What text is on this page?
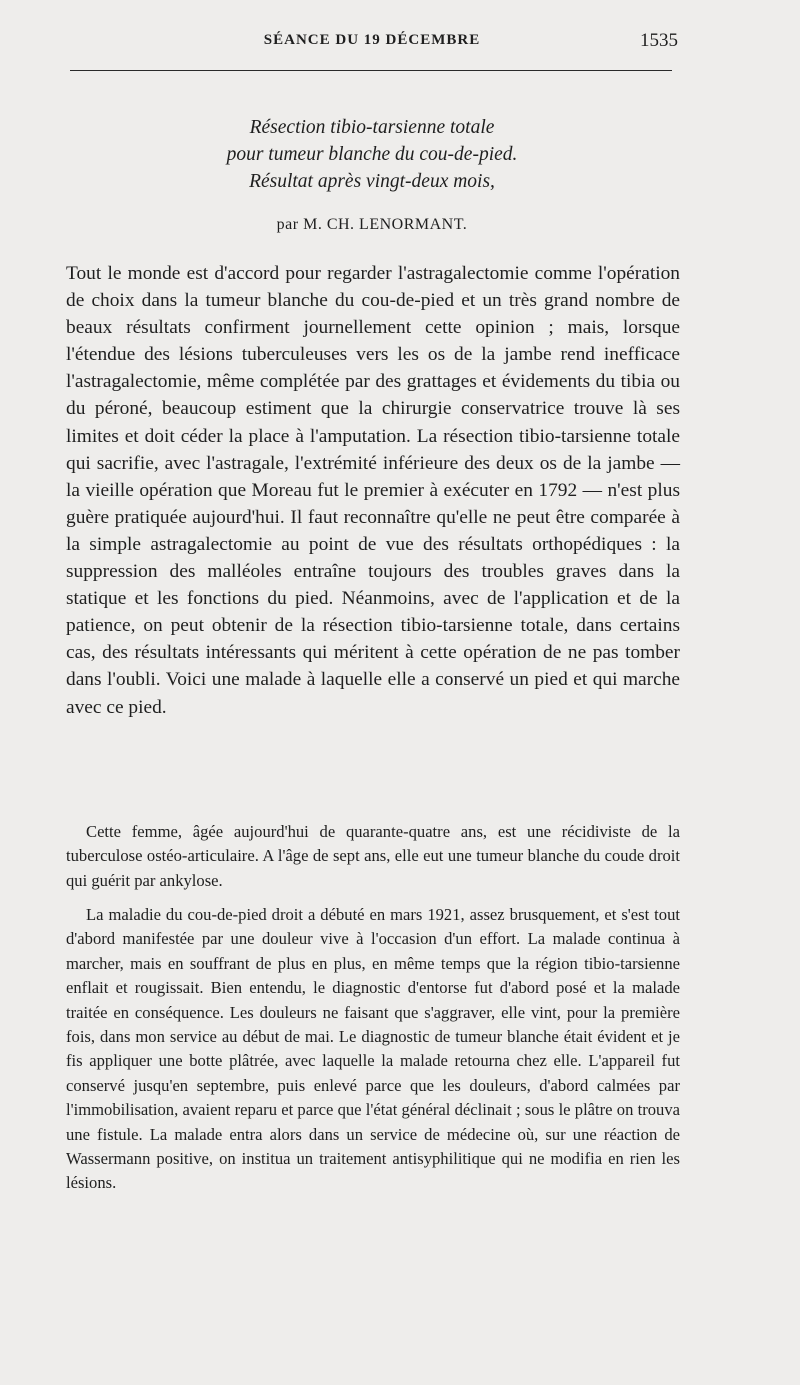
SÉANCE DU 19 DÉCEMBRE	1535
Résection tibio-tarsienne totale
pour tumeur blanche du cou-de-pied.
Résultat après vingt-deux mois,
par M. CH. LENORMANT.

Tout le monde est d'accord pour regarder l'astragalectomie comme l'opération de choix dans la tumeur blanche du cou-de-pied et un très grand nombre de beaux résultats confirment journellement cette opinion ; mais, lorsque l'étendue des lésions tuberculeuses vers les os de la jambe rend inefficace l'astragalectomie, même complétée par des grattages et évidements du tibia ou du péroné, beaucoup estiment que la chirurgie conservatrice trouve là ses limites et doit céder la place à l'amputation. La résection tibio-tarsienne totale qui sacrifie, avec l'astragale, l'extrémité inférieure des deux os de la jambe — la vieille opération que Moreau fut le premier à exécuter en 1792 — n'est plus guère pratiquée aujourd'hui. Il faut reconnaître qu'elle ne peut être comparée à la simple astragalectomie au point de vue des résultats orthopédiques : la suppression des malléoles entraîne toujours des troubles graves dans la statique et les fonctions du pied. Néanmoins, avec de l'application et de la patience, on peut obtenir de la résection tibio-tarsienne totale, dans certains cas, des résultats intéressants qui méritent à cette opération de ne pas tomber dans l'oubli. Voici une malade à laquelle elle a conservé un pied et qui marche avec ce pied.

Cette femme, âgée aujourd'hui de quarante-quatre ans, est une récidiviste de la tuberculose ostéo-articulaire. A l'âge de sept ans, elle eut une tumeur blanche du coude droit qui guérit par ankylose.

La maladie du cou-de-pied droit a débuté en mars 1921, assez brusquement, et s'est tout d'abord manifestée par une douleur vive à l'occasion d'un effort. La malade continua à marcher, mais en souffrant de plus en plus, en même temps que la région tibio-tarsienne enflait et rougissait. Bien entendu, le diagnostic d'entorse fut d'abord posé et la malade traitée en conséquence. Les douleurs ne faisant que s'aggraver, elle vint, pour la première fois, dans mon service au début de mai. Le diagnostic de tumeur blanche était évident et je fis appliquer une botte plâtrée, avec laquelle la malade retourna chez elle. L'appareil fut conservé jusqu'en septembre, puis enlevé parce que les douleurs, d'abord calmées par l'immobilisation, avaient reparu et parce que l'état général déclinait ; sous le plâtre on trouva une fistule. La malade entra alors dans un service de médecine où, sur une réaction de Wassermann positive, on institua un traitement antisyphilitique qui ne modifia en rien les lésions.
